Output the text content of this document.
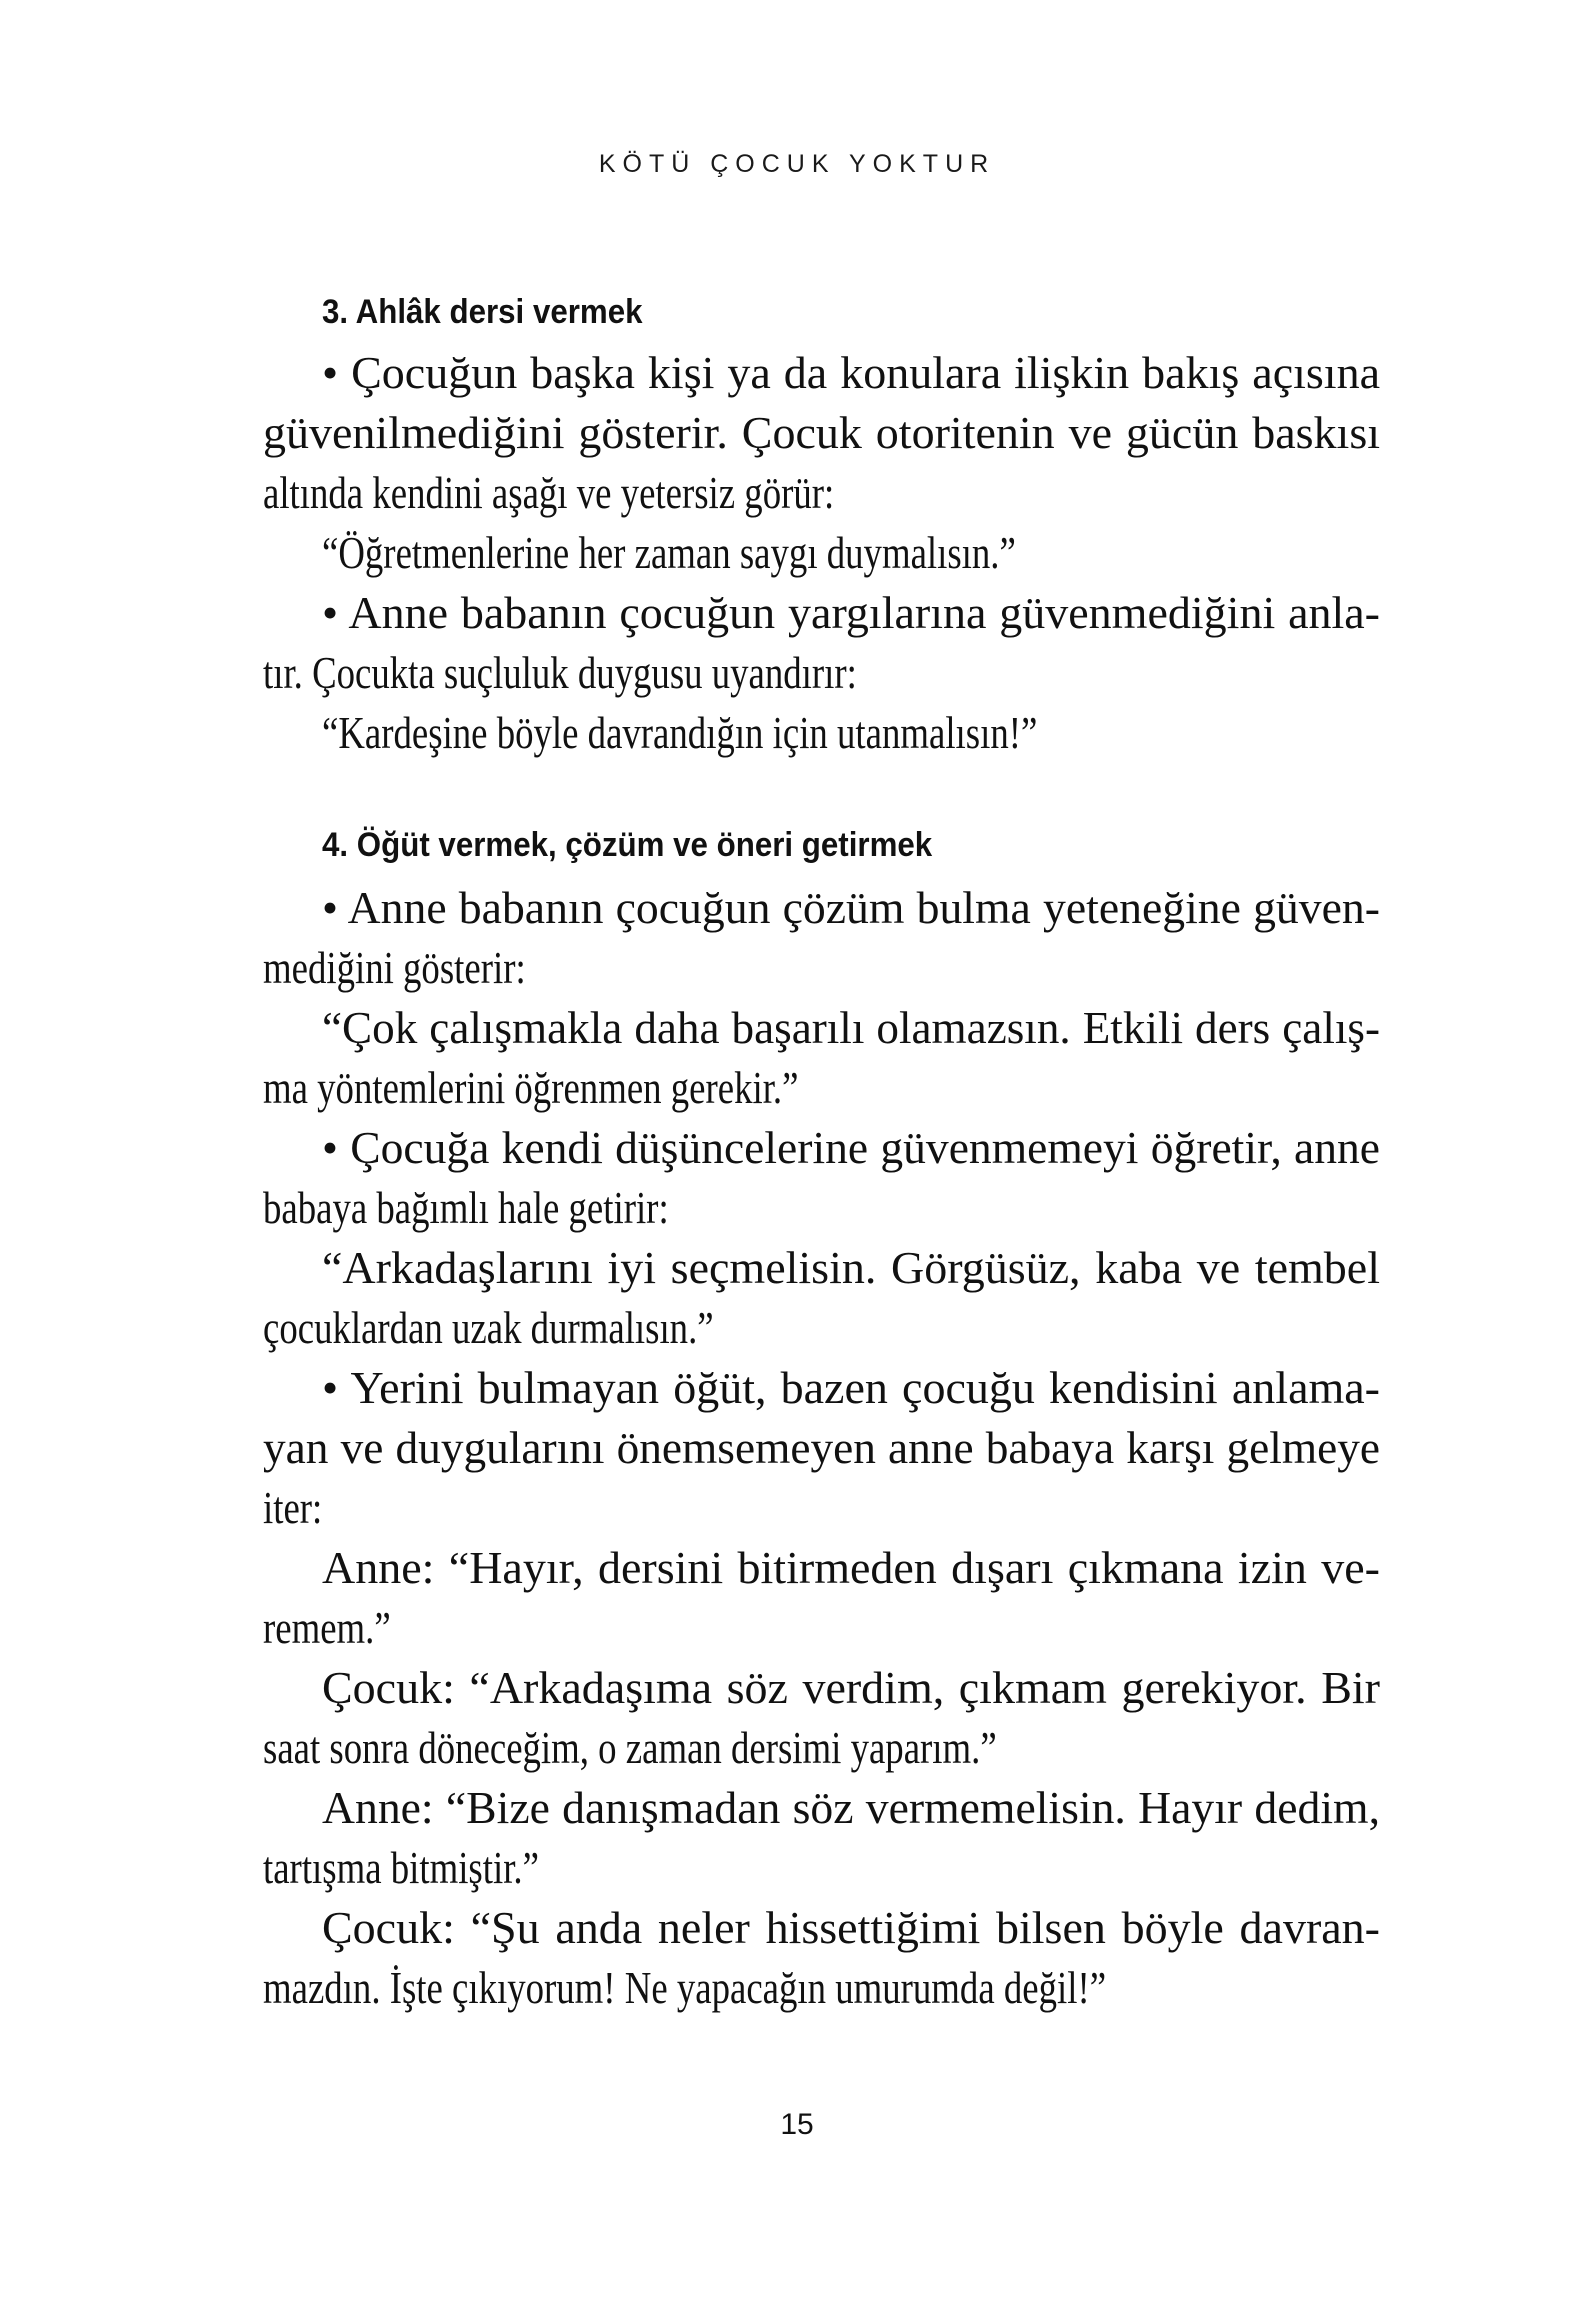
KÖTÜ ÇOCUK YOKTUR
3. Ahlâk dersi vermek
• Çocuğun başka kişi ya da konulara ilişkin bakış açısına
güvenilmediğini gösterir. Çocuk otoritenin ve gücün baskısı
altında kendini aşağı ve yetersiz görür:
“Öğretmenlerine her zaman saygı duymalısın.”
• Anne babanın çocuğun yargılarına güvenmediğini anla-
tır. Çocukta suçluluk duygusu uyandırır:
“Kardeşine böyle davrandığın için utanmalısın!”
4. Öğüt vermek, çözüm ve öneri getirmek
• Anne babanın çocuğun çözüm bulma yeteneğine güven-
mediğini gösterir:
“Çok çalışmakla daha başarılı olamazsın. Etkili ders çalış-
ma yöntemlerini öğrenmen gerekir.”
• Çocuğa kendi düşüncelerine güvenmemeyi öğretir, anne
babaya bağımlı hale getirir:
“Arkadaşlarını iyi seçmelisin. Görgüsüz, kaba ve tembel
çocuklardan uzak durmalısın.”
• Yerini bulmayan öğüt, bazen çocuğu kendisini anlama-
yan ve duygularını önemsemeyen anne babaya karşı gelmeye
iter:
Anne: “Hayır, dersini bitirmeden dışarı çıkmana izin ve-
remem.”
Çocuk: “Arkadaşıma söz verdim, çıkmam gerekiyor. Bir
saat sonra döneceğim, o zaman dersimi yaparım.”
Anne: “Bize danışmadan söz vermemelisin. Hayır dedim,
tartışma bitmiştir.”
Çocuk: “Şu anda neler hissettiğimi bilsen böyle davran-
mazdın. İşte çıkıyorum! Ne yapacağın umurumda değil!”
15
